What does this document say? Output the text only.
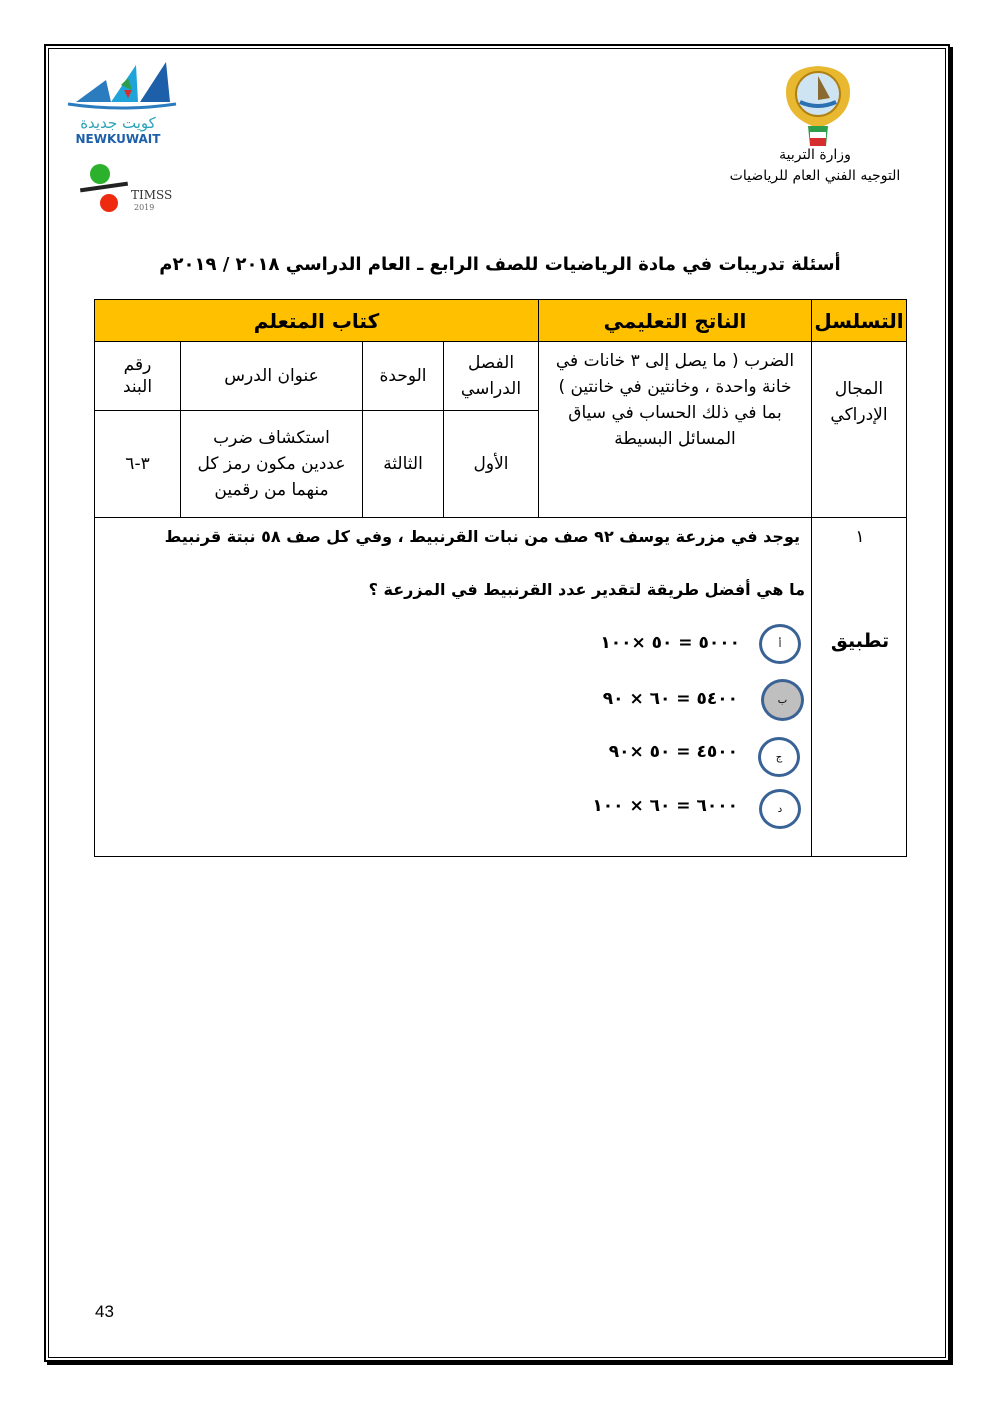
كويت جديدة
NEWKUWAIT
TIMSS
2019
وزارة التربية
التوجيه الفني العام للرياضيات
أسئلة تدريبات في مادة الرياضيات للصف الرابع ـ العام الدراسي ٢٠١٨ / ٢٠١٩م
التسلسل
الناتج التعليمي
كتاب المتعلم
المجال الإدراكي
الضرب ( ما يصل إلى ٣ خانات في خانة واحدة ، وخانتين في خانتين ) بما في ذلك الحساب في سياق المسائل البسيطة
الفصل الدراسي
الوحدة
عنوان الدرس
رقم البند
الأول
الثالثة
استكشاف ضرب عددين مكون رمز كل منهما من رقمين
٣-٦
١
تطبيق
يوجد في مزرعة يوسف ٩٢ صف من نبات القرنبيط ، وفي كل صف ٥٨ نبتة قرنبيط
ما هي أفضل طريقة لتقدير عدد القرنبيط في المزرعة ؟
أ
٥٠٠٠ = ٥٠ ×١٠٠
ب
٥٤٠٠ = ٦٠ × ٩٠
ج
٤٥٠٠ = ٥٠ ×٩٠
د
٦٠٠٠ = ٦٠ × ١٠٠
43
